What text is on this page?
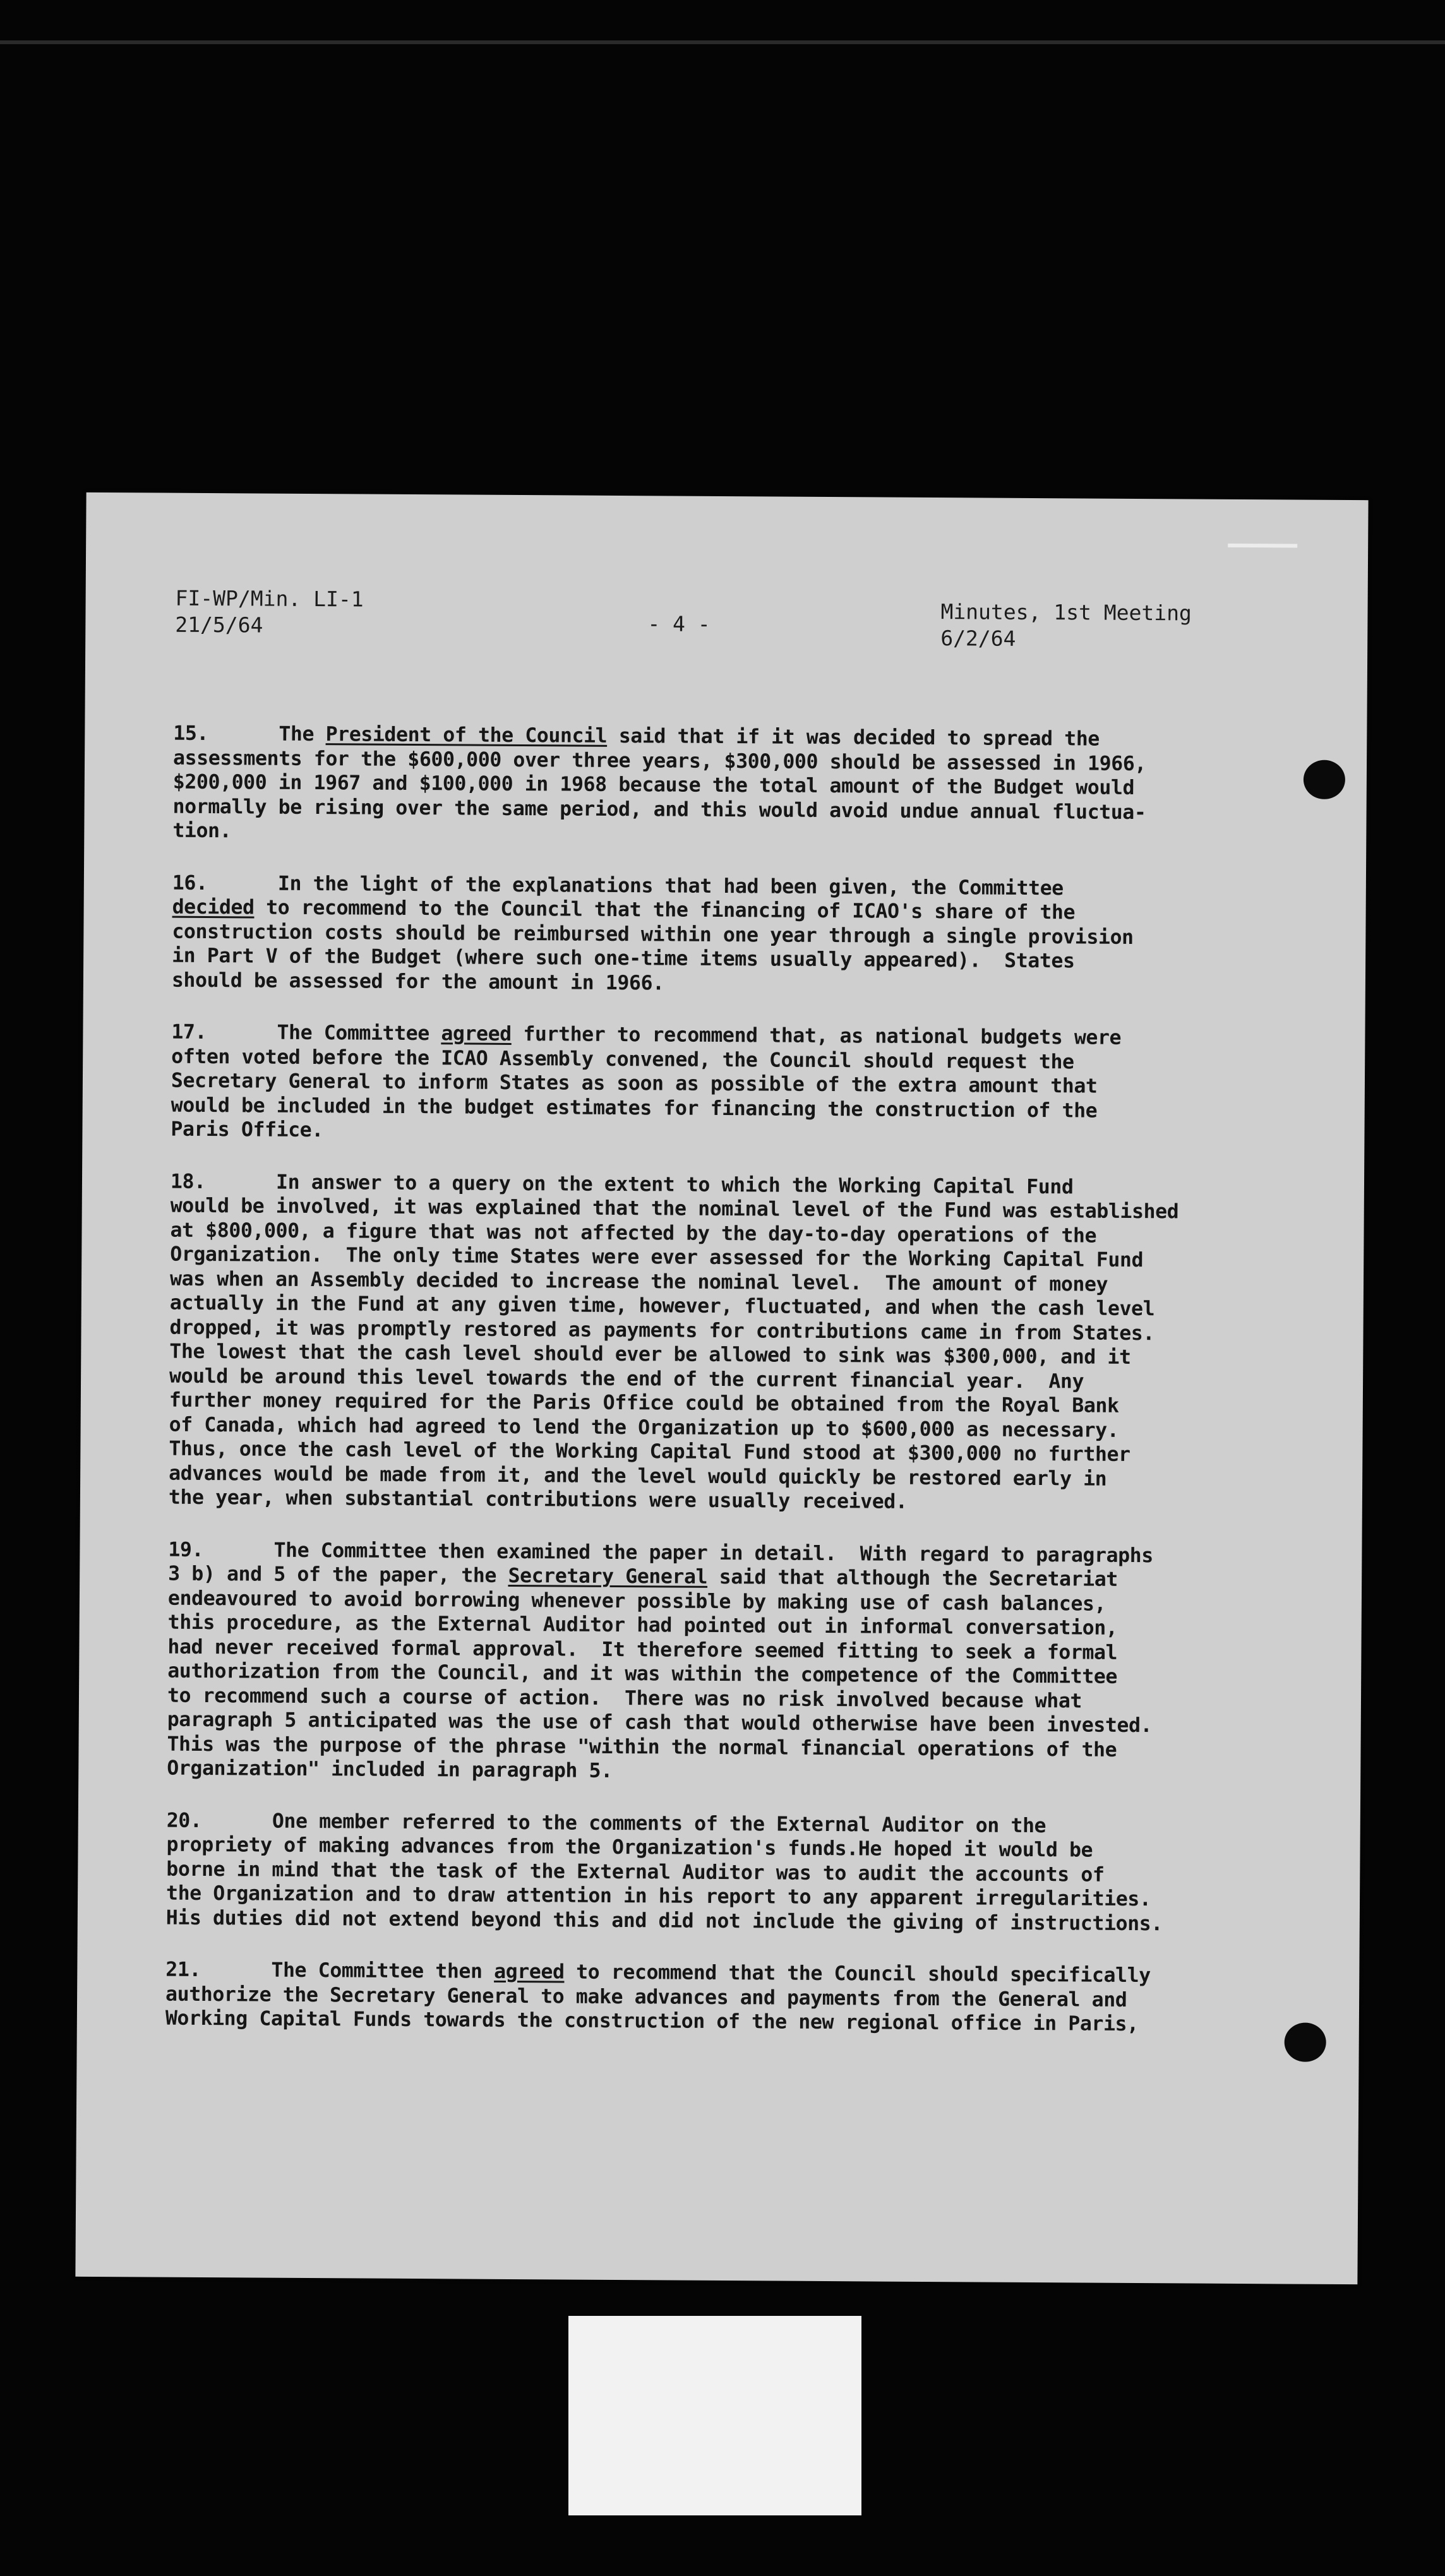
FI-WP/Min. LI-1
21/5/64	- 4 -	Minutes, 1st Meeting
6/2/64
15.      The President of the Council said that if it was decided to spread the
assessments for the $600,000 over three years, $300,000 should be assessed in 1966,
$200,000 in 1967 and $100,000 in 1968 because the total amount of the Budget would
normally be rising over the same period, and this would avoid undue annual fluctua-
tion.
16.      In the light of the explanations that had been given, the Committee
decided to recommend to the Council that the financing of ICAO's share of the
construction costs should be reimbursed within one year through a single provision
in Part V of the Budget (where such one-time items usually appeared).  States
should be assessed for the amount in 1966.
17.      The Committee agreed further to recommend that, as national budgets were
often voted before the ICAO Assembly convened, the Council should request the
Secretary General to inform States as soon as possible of the extra amount that
would be included in the budget estimates for financing the construction of the
Paris Office.
18.      In answer to a query on the extent to which the Working Capital Fund
would be involved, it was explained that the nominal level of the Fund was established
at $800,000, a figure that was not affected by the day-to-day operations of the
Organization.  The only time States were ever assessed for the Working Capital Fund
was when an Assembly decided to increase the nominal level.  The amount of money
actually in the Fund at any given time, however, fluctuated, and when the cash level
dropped, it was promptly restored as payments for contributions came in from States.
The lowest that the cash level should ever be allowed to sink was $300,000, and it
would be around this level towards the end of the current financial year.  Any
further money required for the Paris Office could be obtained from the Royal Bank
of Canada, which had agreed to lend the Organization up to $600,000 as necessary.
Thus, once the cash level of the Working Capital Fund stood at $300,000 no further
advances would be made from it, and the level would quickly be restored early in
the year, when substantial contributions were usually received.
19.      The Committee then examined the paper in detail.  With regard to paragraphs
3 b) and 5 of the paper, the Secretary General said that although the Secretariat
endeavoured to avoid borrowing whenever possible by making use of cash balances,
this procedure, as the External Auditor had pointed out in informal conversation,
had never received formal approval.  It therefore seemed fitting to seek a formal
authorization from the Council, and it was within the competence of the Committee
to recommend such a course of action.  There was no risk involved because what
paragraph 5 anticipated was the use of cash that would otherwise have been invested.
This was the purpose of the phrase "within the normal financial operations of the
Organization" included in paragraph 5.
20.      One member referred to the comments of the External Auditor on the
propriety of making advances from the Organization's funds.He hoped it would be
borne in mind that the task of the External Auditor was to audit the accounts of
the Organization and to draw attention in his report to any apparent irregularities.
His duties did not extend beyond this and did not include the giving of instructions.
21.      The Committee then agreed to recommend that the Council should specifically
authorize the Secretary General to make advances and payments from the General and
Working Capital Funds towards the construction of the new regional office in Paris,
